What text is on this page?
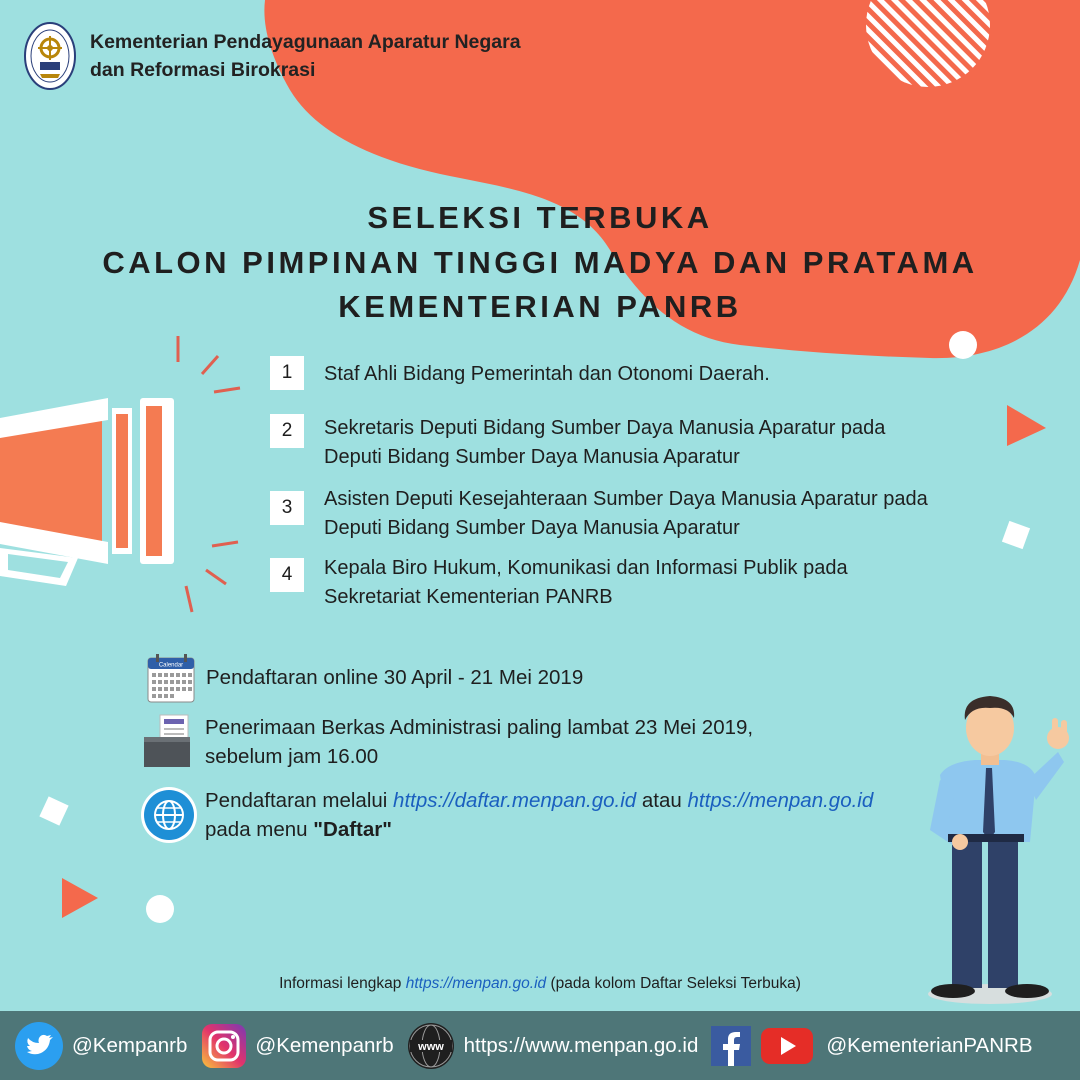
Kementerian Pendayagunaan Aparatur Negara
dan Reformasi Birokrasi
SELEKSI TERBUKA
CALON PIMPINAN TINGGI MADYA DAN PRATAMA
KEMENTERIAN PANRB
1	Staf Ahli Bidang Pemerintah dan Otonomi Daerah.
2	Sekretaris Deputi Bidang Sumber Daya Manusia Aparatur pada
Deputi Bidang Sumber Daya Manusia Aparatur
3	Asisten Deputi Kesejahteraan Sumber Daya Manusia Aparatur pada
Deputi Bidang Sumber Daya Manusia Aparatur
4	Kepala Biro Hukum, Komunikasi dan Informasi Publik pada
Sekretariat Kementerian PANRB
Calendar
Pendaftaran online 30 April - 21 Mei 2019
Penerimaan Berkas Administrasi paling lambat 23 Mei 2019,
sebelum jam 16.00
Pendaftaran melalui https://daftar.menpan.go.id atau https://menpan.go.id
pada menu "Daftar"
Informasi lengkap https://menpan.go.id (pada kolom Daftar Seleksi Terbuka)
@Kempanrb	@Kemenpanrb www https://www.menpan.go.id	@KementerianPANRB
